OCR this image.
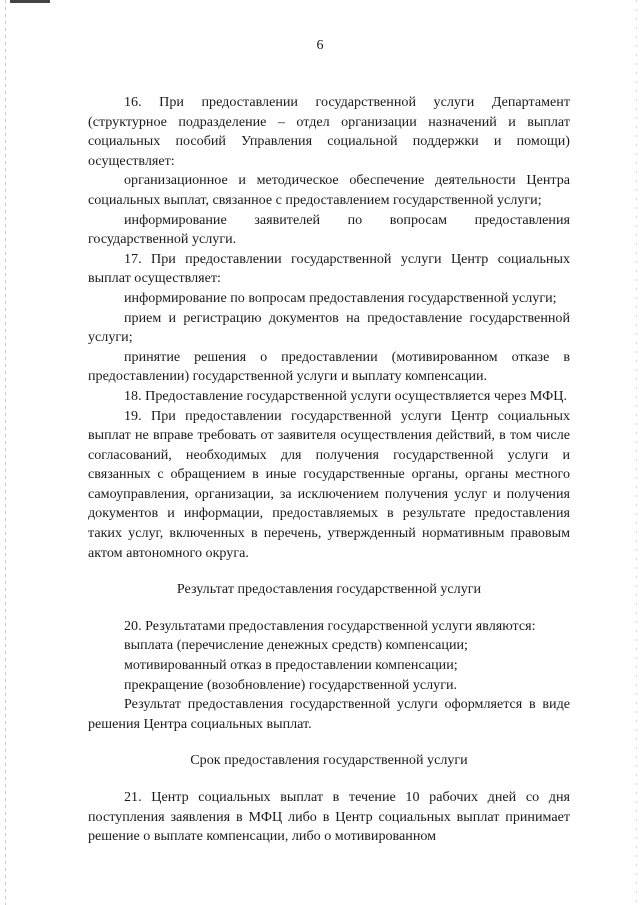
6

16. При предоставлении государственной услуги Департамент (структурное подразделение – отдел организации назначений и выплат социальных пособий Управления социальной поддержки и помощи) осуществляет:

организационное и методическое обеспечение деятельности Центра социальных выплат, связанное с предоставлением государственной услуги;

информирование заявителей по вопросам предоставления государственной услуги.

17. При предоставлении государственной услуги Центр социальных выплат осуществляет:

информирование по вопросам предоставления государственной услуги;

прием и регистрацию документов на предоставление государственной услуги;

принятие решения о предоставлении (мотивированном отказе в предоставлении) государственной услуги и выплату компенсации.

18. Предоставление государственной услуги осуществляется через МФЦ.

19. При предоставлении государственной услуги Центр социальных выплат не вправе требовать от заявителя осуществления действий, в том числе согласований, необходимых для получения государственной услуги и связанных с обращением в иные государственные органы, органы местного самоуправления, организации, за исключением получения услуг и получения документов и информации, предоставляемых в результате предоставления таких услуг, включенных в перечень, утвержденный нормативным правовым актом автономного округа.

Результат предоставления государственной услуги

20. Результатами предоставления государственной услуги являются:

выплата (перечисление денежных средств) компенсации;

мотивированный отказ в предоставлении компенсации;

прекращение (возобновление) государственной услуги.

Результат предоставления государственной услуги оформляется в виде решения Центра социальных выплат.

Срок предоставления государственной услуги

21. Центр социальных выплат в течение 10 рабочих дней со дня поступления заявления в МФЦ либо в Центр социальных выплат принимает решение о выплате компенсации, либо о мотивированном
